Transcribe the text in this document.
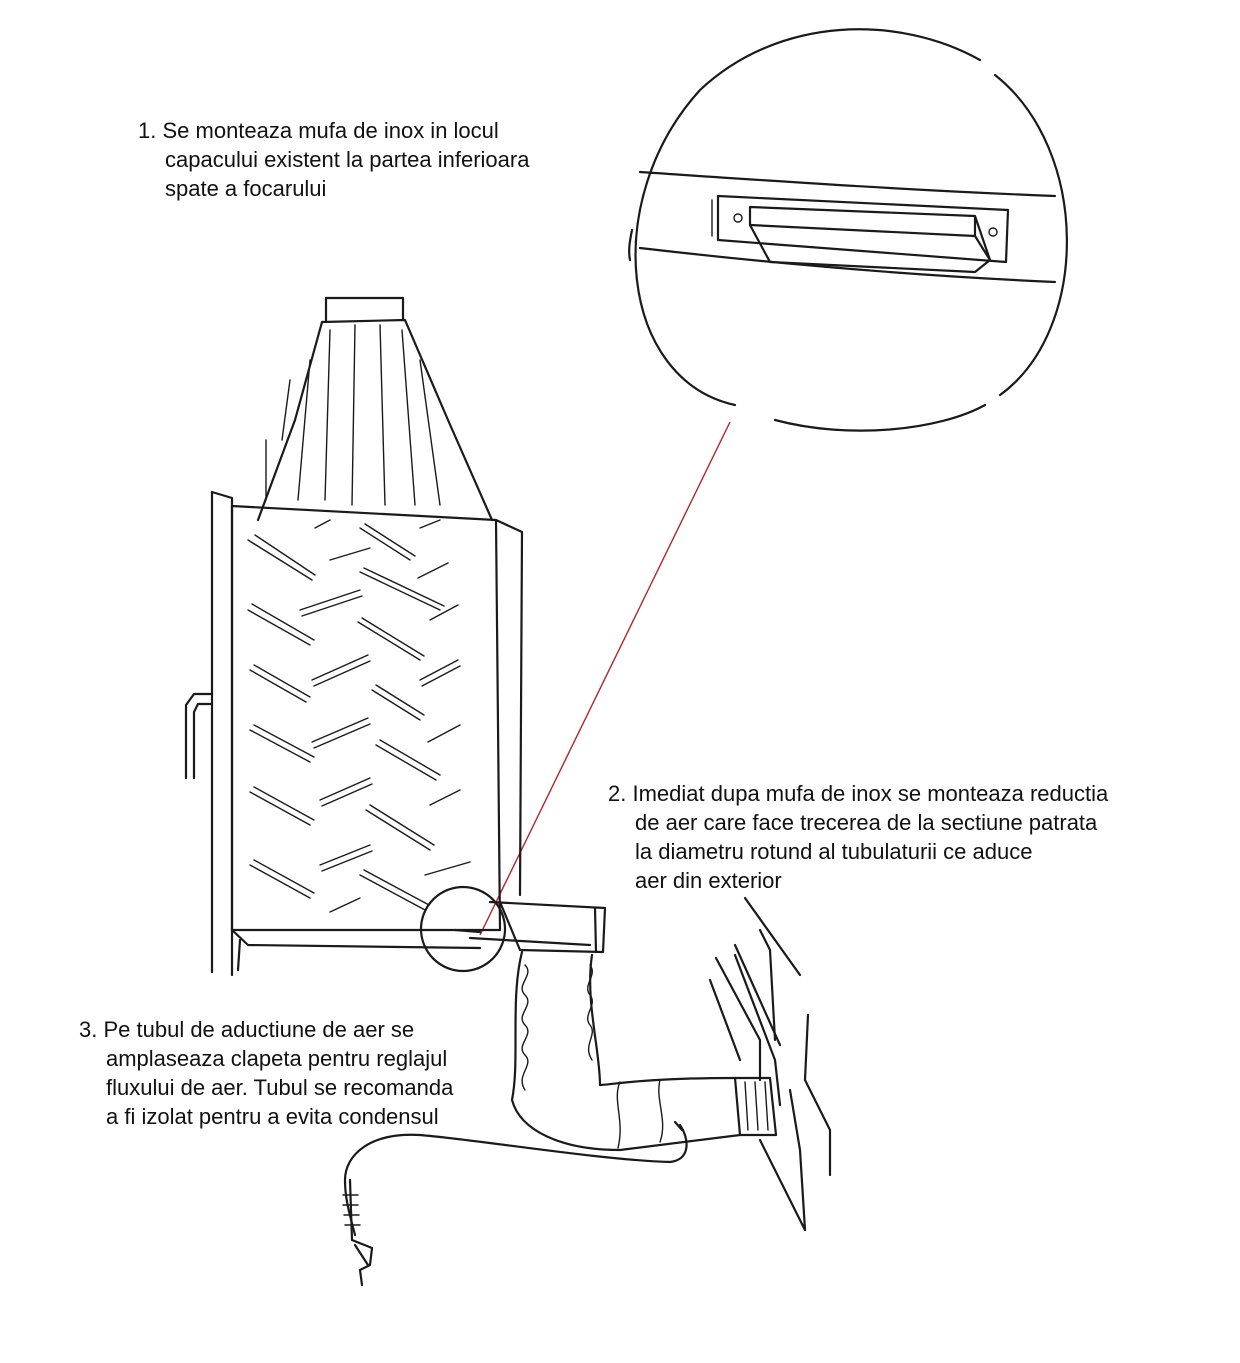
1. Se monteaza mufa de inox in locul
capacului existent la partea inferioara
spate a focarului
2. Imediat dupa mufa de inox se monteaza reductia
de aer care face trecerea de la sectiune patrata
la diametru rotund al tubulaturii ce aduce
aer din exterior
3. Pe tubul de aductiune de aer se
amplaseaza clapeta pentru reglajul
fluxului de aer. Tubul se recomanda
a fi izolat pentru a evita condensul
